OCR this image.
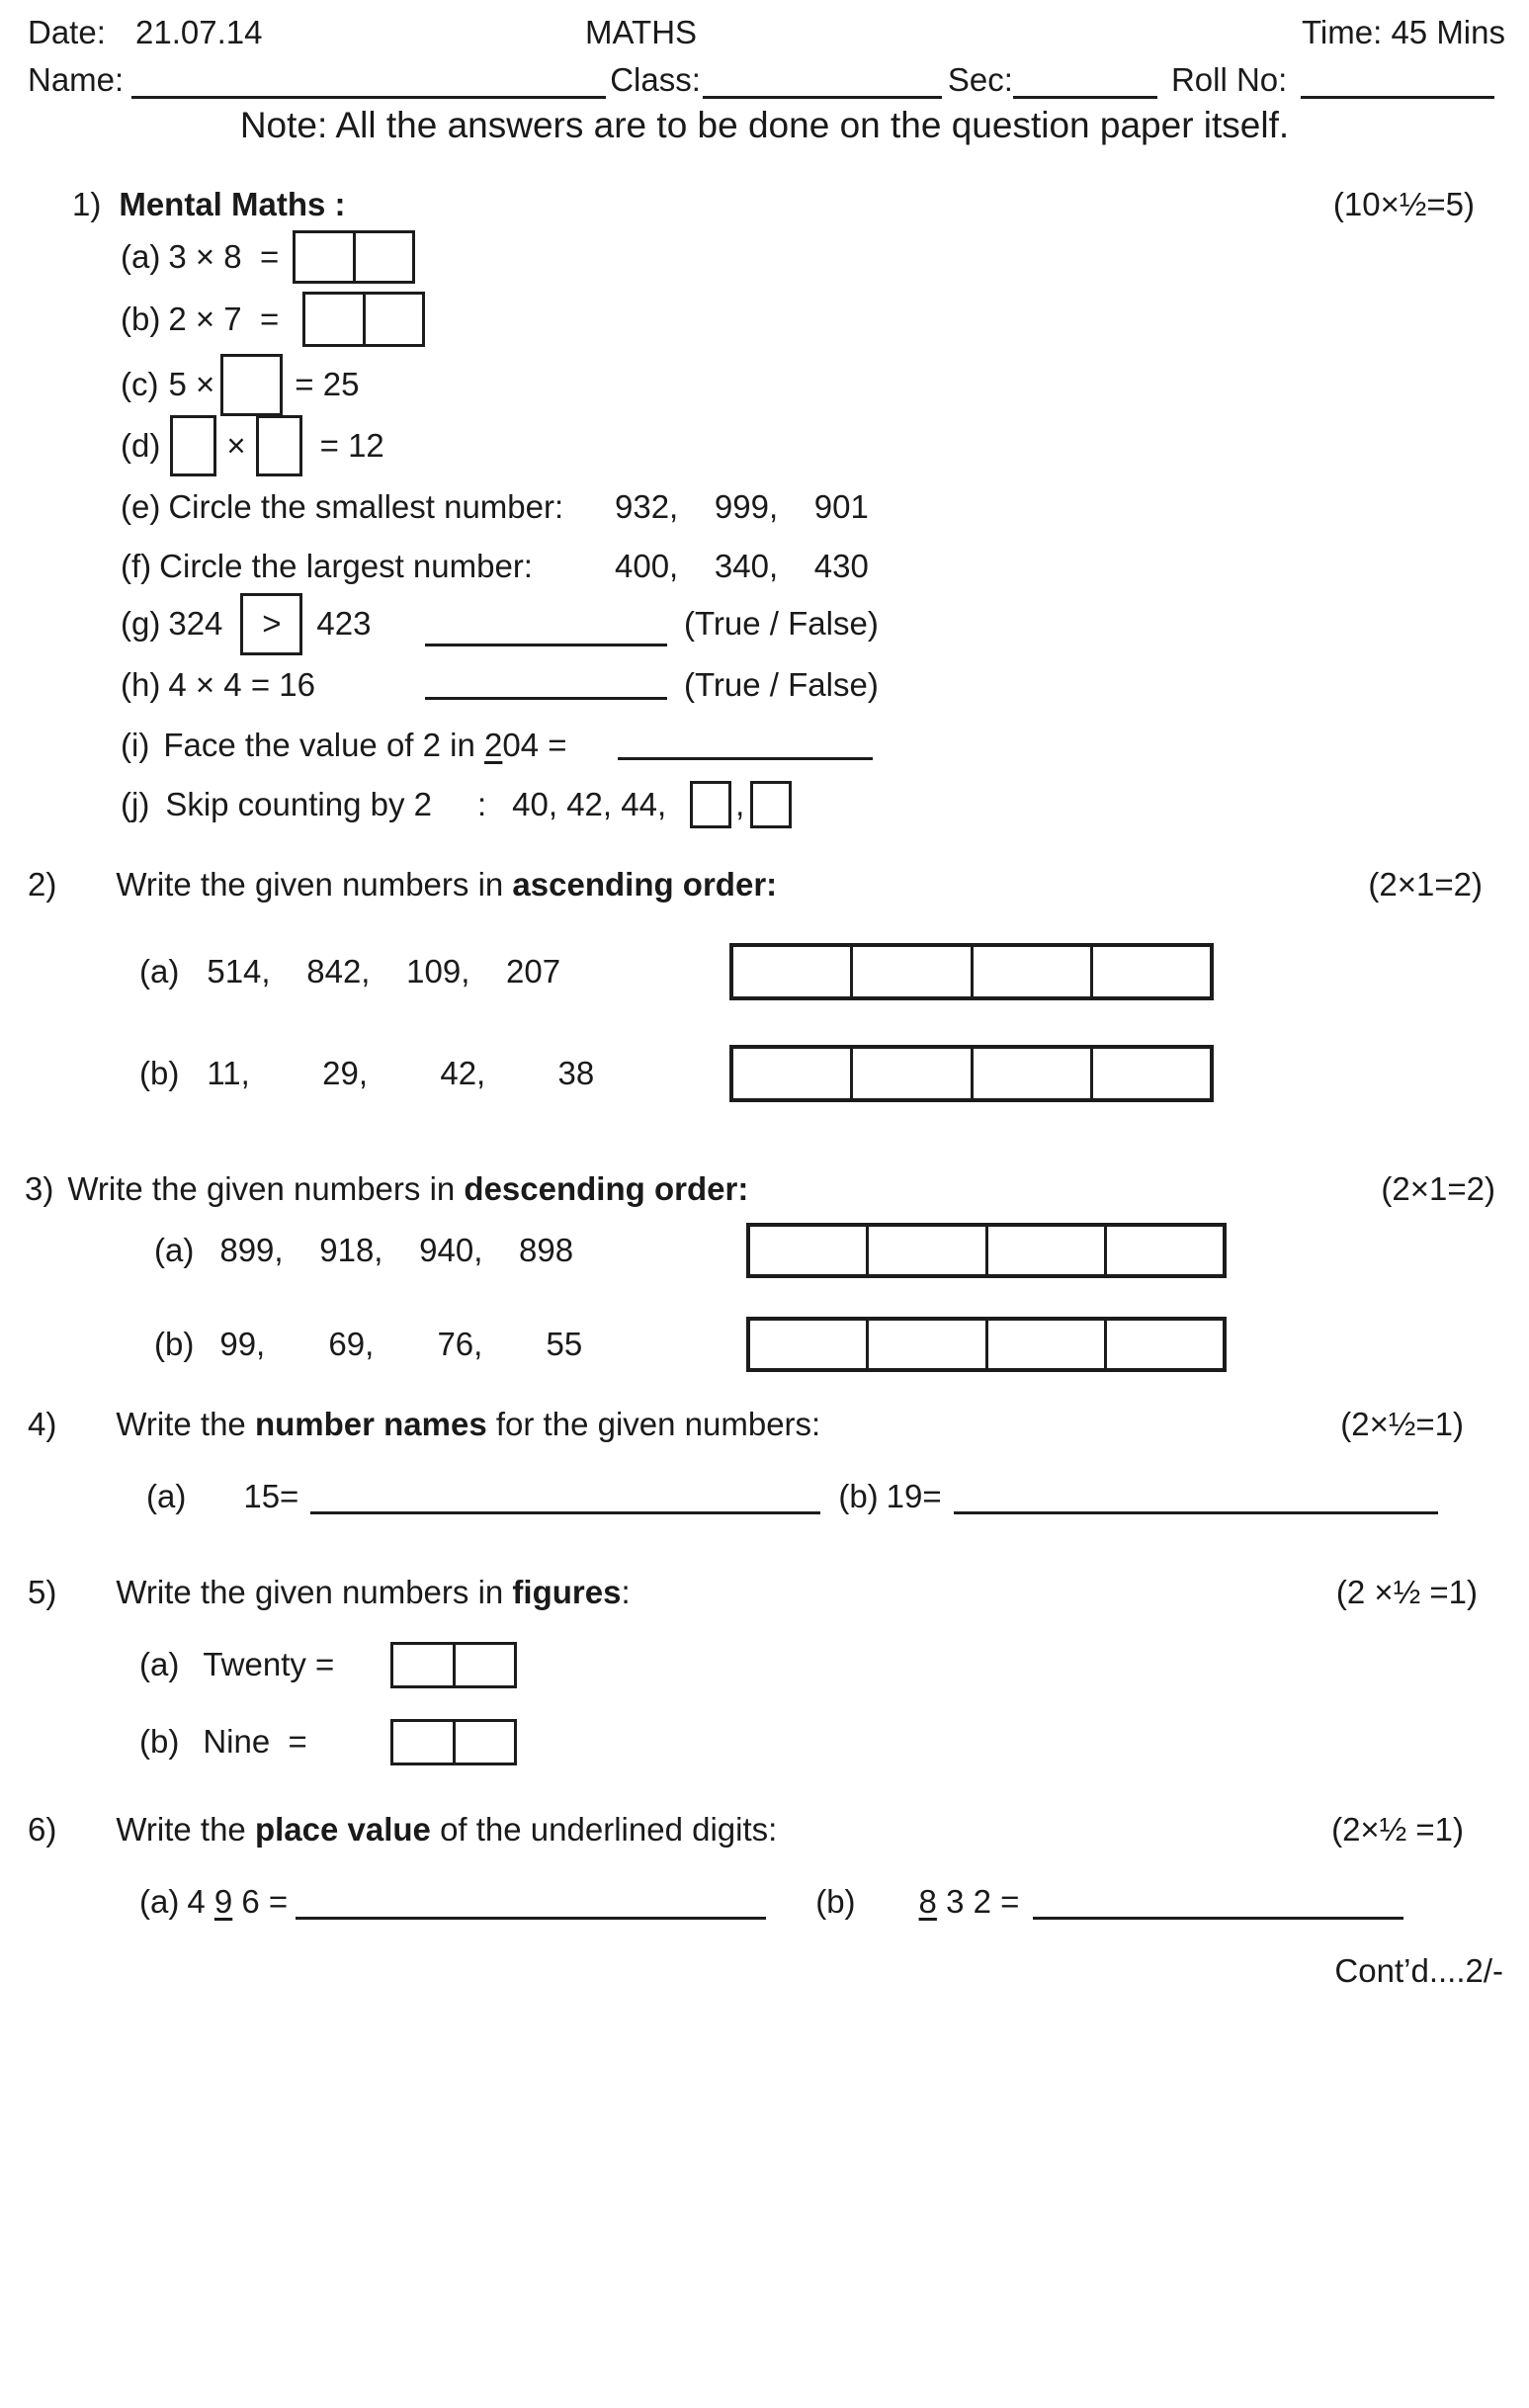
Date: 21.07.14	MATHS	Time: 45 Mins
Name:	Class:	Sec:	Roll No:
Note: All the answers are to be done on the question paper itself.
1) Mental Maths :	(10×½=5)
(a) 3 × 8  =
(b) 2 × 7  =
(c) 5 × = 25
(d) × = 12
(e) Circle the smallest number: 932,    999,    901
(f) Circle the largest number:	400,    340,    430
(g) 324 > 423	(True / False)
(h) 4 × 4 = 16	(True / False)
(i) Face the value of 2 in 204 =
(j) Skip counting by 2 : 40, 42, 44, ,
2) Write the given numbers in ascending order:	(2×1=2)
(a) 514,    842,    109,    207
(b) 11,        29,        42,        38
3) Write the given numbers in descending order:	(2×1=2)
(a) 899,    918,    940,    898
(b) 99,       69,       76,       55
4) Write the number names for the given numbers:	(2×½=1)
(a) 15=	(b) 19=
5) Write the given numbers in figures:	(2 ×½ =1)
(a) Twenty =
(b) Nine  =
6) Write the place value of the underlined digits:	(2×½ =1)
(a) 4 9 6 =	(b) 8 3 2 =
Cont’d....2/-
